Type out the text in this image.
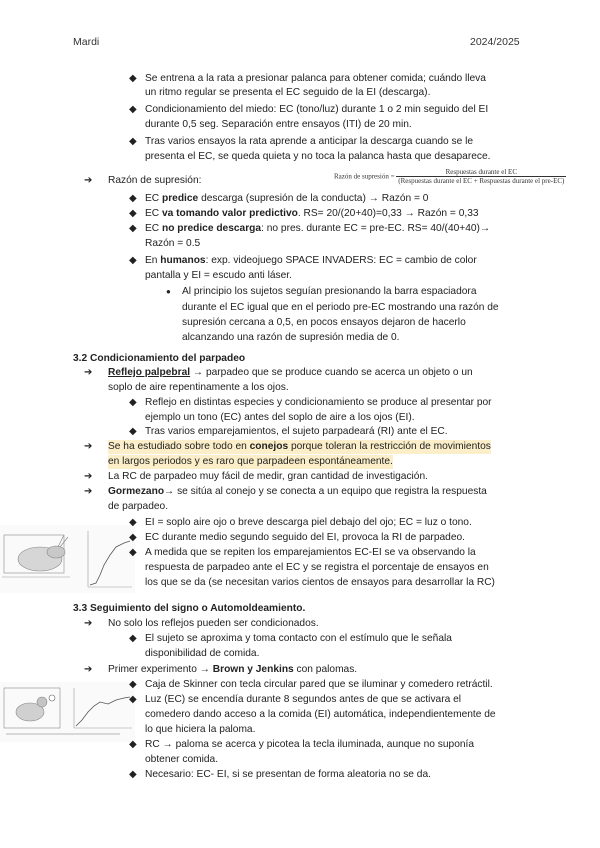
Mardi	2024/2025
Razón de supresión =
Respuestas durante el EC
(Respuestas durante el EC + Respuestas durante el pre-EC)
◆ Se entrena a la rata a presionar palanca para obtener comida; cuándo lleva
un ritmo regular se presenta el EC seguido de la EI (descarga).
◆ Condicionamiento del miedo: EC (tono/luz) durante 1 o 2 min seguido del EI
durante 0,5 seg. Separación entre ensayos (ITI) de 20 min.
◆ Tras varios ensayos la rata aprende a anticipar la descarga cuando se le
presenta el EC, se queda quieta y no toca la palanca hasta que desaparece.
➔ Razón de supresión:
◆ EC predice descarga (supresión de la conducta) → Razón = 0
◆ EC va tomando valor predictivo. RS= 20/(20+40)=0,33 → Razón = 0,33
◆ EC no predice descarga: no pres. durante EC = pre-EC. RS= 40/(40+40)→
Razón = 0.5
◆ En humanos: exp. videojuego SPACE INVADERS: EC = cambio de color
pantalla y EI = escudo anti láser.
● Al principio los sujetos seguían presionando la barra espaciadora
durante el EC igual que en el periodo pre-EC mostrando una razón de
supresión cercana a 0,5, en pocos ensayos dejaron de hacerlo
alcanzando una razón de supresión media de 0.
3.2 Condicionamiento del parpadeo
➔ Reflejo palpebral → parpadeo que se produce cuando se acerca un objeto o un
soplo de aire repentinamente a los ojos.
◆ Reflejo en distintas especies y condicionamiento se produce al presentar por
ejemplo un tono (EC) antes del soplo de aire a los ojos (EI).
◆ Tras varios emparejamientos, el sujeto parpadeará (RI) ante el EC.
➔ Se ha estudiado sobre todo en conejos porque toleran la restricción de movimientos
en largos periodos y es raro que parpadeen espontáneamente.
➔ La RC de parpadeo muy fácil de medir, gran cantidad de investigación.
➔ Gormezano→ se sitúa al conejo y se conecta a un equipo que registra la respuesta
de parpadeo.
◆ EI = soplo aire ojo o breve descarga piel debajo del ojo; EC = luz o tono.
◆ EC durante medio segundo seguido del EI, provoca la RI de parpadeo.
◆ A medida que se repiten los emparejamientos EC-EI se va observando la
respuesta de parpadeo ante el EC y se registra el porcentaje de ensayos en
los que se da (se necesitan varios cientos de ensayos para desarrollar la RC)
3.3 Seguimiento del signo o Automoldeamiento.
➔ No solo los reflejos pueden ser condicionados.
◆ El sujeto se aproxima y toma contacto con el estímulo que le señala
disponibilidad de comida.
➔ Primer experimento → Brown y Jenkins con palomas.
◆ Caja de Skinner con tecla circular pared que se iluminar y comedero retráctil.
◆ Luz (EC) se encendía durante 8 segundos antes de que se activara el
comedero dando acceso a la comida (EI) automática, independientemente de
lo que hiciera la paloma.
◆ RC → paloma se acerca y picotea la tecla iluminada, aunque no suponía
obtener comida.
◆ Necesario: EC- EI, si se presentan de forma aleatoria no se da.
